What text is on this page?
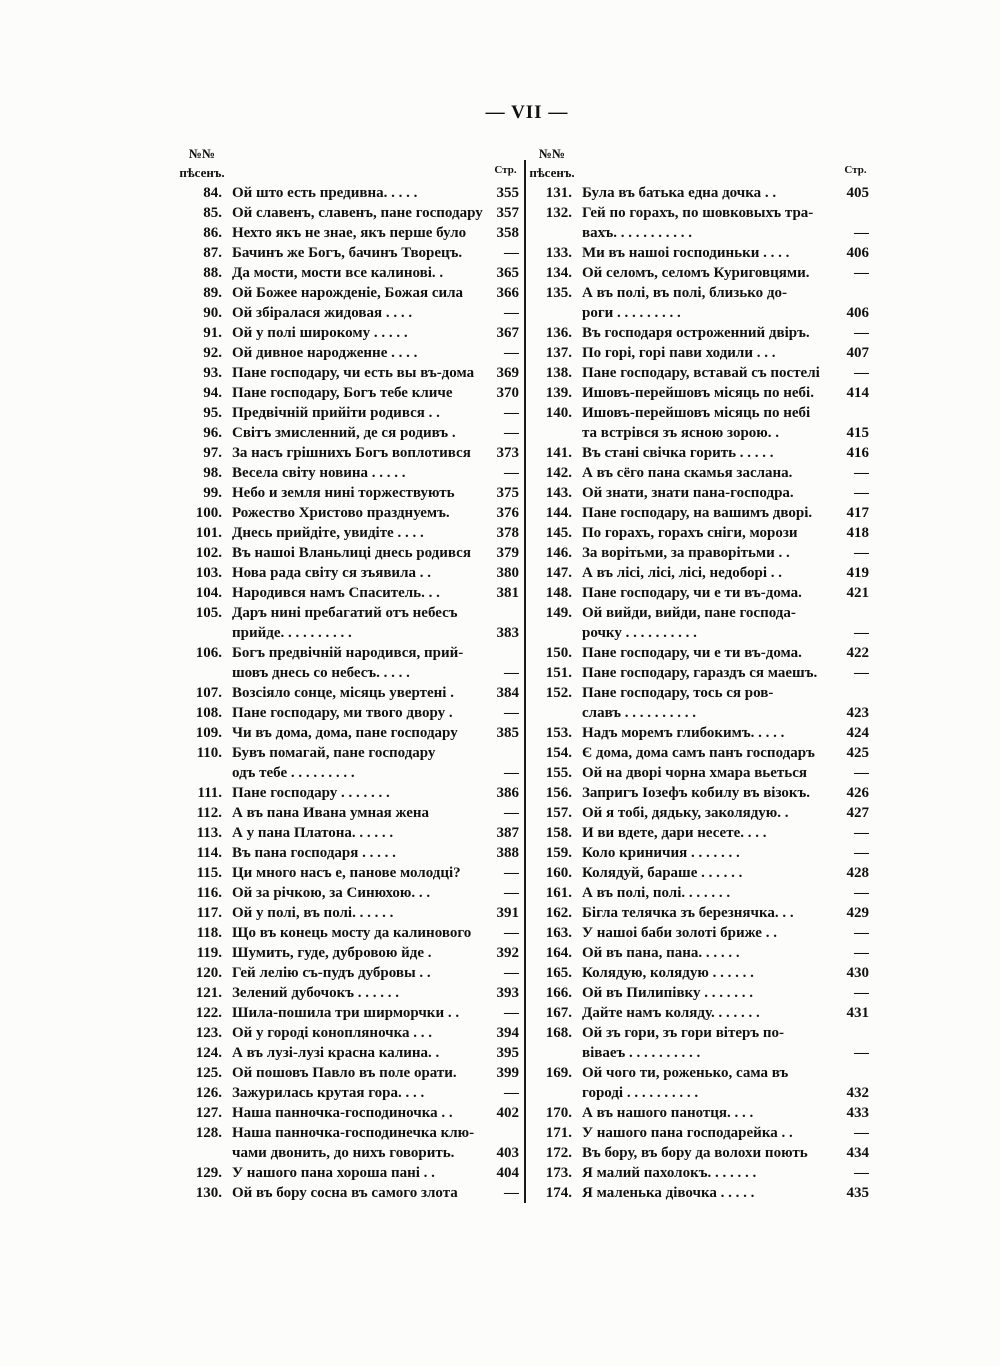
— VII —
№№
пѣсенъ.	Стр.
№№
пѣсенъ.	Стр.
84. Ой што есть предивна. . . . .	355
85. Ой славенъ, славенъ, пане господару 357
86. Нехто якъ не знае, якъ перше було	358
87. Бачинъ же Богъ, бачинъ Творецъ.	—
88. Да мости, мости все калиновi. .	365
89. Ой Божее нарожденiе, Божая сила	366
90. Ой збiралася жидовая . . . .	—
91. Ой у полi широкому . . . . .	367
92. Ой дивное народженне . . . .	—
93. Пане господару, чи есть вы въ-дома	369
94. Пане господару, Богъ тебе кличе	370
95. Предвiчнiй прийiти родився . .	—
96. Свiтъ змисленний, де ся родивъ .	—
97. За насъ грiшнихъ Богъ воплотився	373
98. Весела свiту новина . . . . .	—
99. Небо и земля нинi торжествують	375
100. Рожество Христово празднуемъ.	376
101. Днесь прийдiте, увидiте . . . .	378
102. Въ нашоi Вланьлицi днесь родився	379
103. Нова рада свiту ся зъявила . .	380
104. Народився намъ Спаситель. . .	381
105. Даръ нинi пребагатий отъ небесъ
прийде. . . . . . . . . .	383
106. Богъ предвiчнiй народився, прий-
шовъ днесь со небесъ. . . . .	—
107. Возсiяло сонце, мiсяць увертенi .	384
108. Пане господару, ми твого двору .	—
109. Чи въ дома, дома, пане господару	385
110. Бувъ помагай, пане господару
одъ тебе . . . . . . . . .	—
111. Пане господару . . . . . . .	386
112. А въ пана Ивана умная жена	—
113. А у пана Платона. . . . . .	387
114. Въ пана господаря . . . . .	388
115. Ци много насъ е, панове молодцi?	—
116. Ой за рiчкою, за Синюхою. . .	—
117. Ой у полi, въ полi. . . . . .	391
118. Що въ конець мосту да калинового	—
119. Шумить, гуде, дубровою йде .	392
120. Гей лелiю съ-пудъ дубровы . .	—
121. Зелений дубочокъ . . . . . .	393
122. Шила-пошила три ширморчки . .	—
123. Ой у городi конопляночка . . .	394
124. А въ лузi-лузi красна калина. .	395
125. Ой пошовъ Павло въ поле орати.	399
126. Зажурилась крутая гора. . . .	—
127. Наша панночка-господиночка . .	402
128. Наша панночка-господинечка клю-
чами двонить, до нихъ говорить.	403
129. У нашого пана хороша панi . .	404
130. Ой въ бору сосна въ самого злота	—
131. Була въ батька една дочка . .	405
132. Гей по горахъ, по шовковыхъ тра-
вахъ. . . . . . . . . . .	—
133. Ми въ нашоi господиньки . . . .	406
134. Ой селомъ, селомъ Куриговцями.	—
135. А въ полi, въ полi, близько до-
роги . . . . . . . . .	406
136. Въ господаря остроженний двiръ.	—
137. По горi, горi пави ходили . . .	407
138. Пане господару, вставай съ постелi	—
139. Ишовъ-перейшовъ мiсяць по небi.	414
140. Ишовъ-перейшовъ мiсяць по небi
та встрiвся зъ ясною зорою. .	415
141. Въ станi свiчка горить . . . . .	416
142. А въ сёго пана скамья заслана.	—
143. Ой знати, знати пана-господра.	—
144. Пане господару, на вашимъ дворi.	417
145. По горахъ, горахъ снiги, морози	418
146. За ворiтьми, за праворiтьми . .	—
147. А въ лiсi, лiсi, лiсi, недоборi . .	419
148. Пане господару, чи е ти въ-дома.	421
149. Ой вийди, вийди, пане господа-
рочку . . . . . . . . . .	—
150. Пане господару, чи е ти въ-дома.	422
151. Пане господару, гараздъ ся маешъ.	—
152. Пане господару, тось ся ров-
славъ . . . . . . . . . .	423
153. Надъ моремъ глибокимъ. . . . .	424
154. Є дома, дома самъ панъ господаръ	425
155. Ой на дворi чорна хмара вьеться	—
156. Запригъ Iозефъ кобилу въ вiзокъ.	426
157. Ой я тобi, дядьку, заколядую. .	427
158. И ви вдете, дари несете. . . .	—
159. Коло криничия . . . . . . .	—
160. Колядуй, бараше . . . . . .	428
161. А въ полi, полi. . . . . . .	—
162. Бiгла телячка зъ березнячка. . .	429
163. У нашоi баби золотi бриже . .	—
164. Ой въ пана, пана. . . . . .	—
165. Колядую, колядую . . . . . .	430
166. Ой въ Пилипiвку . . . . . . .	—
167. Дайте намъ коляду. . . . . . .	431
168. Ой зъ гори, зъ гори вiтеръ по-
вiваеъ . . . . . . . . . .	—
169. Ой чого ти, роженько, сама въ
городi . . . . . . . . . .	432
170. А въ нашого панотця. . . .	433
171. У нашого пана господарейка . .	—
172. Въ бору, въ бору да волохи поють	434
173. Я малий пахолокъ. . . . . . .	—
174. Я маленька дiвочка . . . . .	435
